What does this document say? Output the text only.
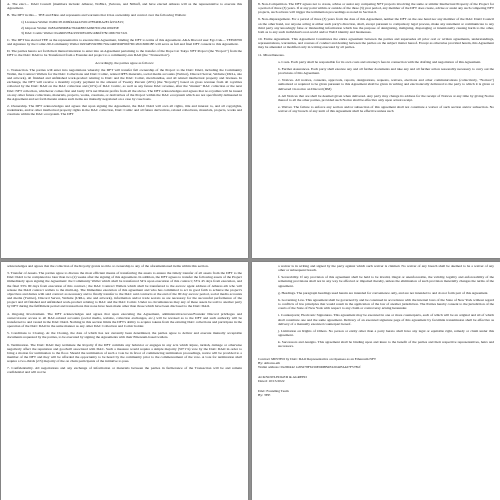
A. The elect… DAO Council (members include: Alharaz, NoBle1, j5alcons, and Nilhaff, and have elected Atharas will as the representative to execute this Agreement.

B. The DFT in this… TEE and Elkio and represents and warrants that it has ownership and control over the following Wallets:

1) Licensee Wallet: 0x9bC051b96f424A2250C47F64D6A2E1fe551815;

2) Ghprost Wallet: 0x83a0369D84c76d44B67A9667DC26210b935E

3) DAC Comic Wallet: 0xa6665784c2593035d05cdd9bf378c100b7917221

C. The DFT has elected TEE as the representative to execute this Agreement, binding the DFT to terms of this Agreement. AKA Discord user Ego Cuk— TEE#6706 and signature by the Comic-90-Community Wallet 0x93a8550c88C79A14465D2F66f7DC2021606C8E will serve as full and final DFT consent to this Agreement.

D. The parties hereto set forth their mutual intention to enter into an Agreement pertaining to the transfer of the Dope Cat Tokyo NFT Project (the "Project") from the DFT to the DAC DAO to be Transferred from a Founder-led project to a community-run DAO (the "Transaction").

Accordingly, the parties agree as follows:

1. Transaction. The parties will enter into negotiations whereby the DFT will transfer full ownership of the Project to the DAC DAO, including the Community Wallet, the Contract Wallets for the DAC Collections and DAC Comic, related IPFS materials, social media accounts (Twitter), Discord Server, Website (URLs, site and artwork), all finished and unfinished work-product relating to DAC and the DAC Comic, merchandise, and all related intellectual property and licenses. In exchange, the DFT will receive a monthly royalty payment in the amount of Twenty Percent (20%) (the "Royalty") based on gross revenue from all royalties collected by the DAC DAO on the DAC collection and (10%) of DAC Comic, as well as any future DAC revenue, after the "mutant" DAC collection or the next DAC NFT collection, whichever comes first and lastly 10% net Mutant profits from all the above. The DFT acknowledges and agrees that no royalties will be issued on any other future collections, materials, projects, works, creations, or derivatives of the Project within the DAC ecosystem which are not specifically delineated in the Agreement and set forth therein unless such items are mutually negotiated on a case by case basis.

2. Ownership. The DFT acknowledges and agrees that upon signing the Agreement, the DAC DAO will own all rights, title and interest to, and all copyrights, trademarks, and/or other intellectual property rights in the DAC collection, DAC Comic and all future derivatives, related collections, materials, projects, works and creations within the DAC ecosystem. The DFT

8. Non-Competition. The DFT agrees not to create, advise or assist any competing NFT projects involving the same or similar Intellectual Property of the Project for a period of three (3) years. If at any point within or outside of the three (3) year period, any member of the DFT does create, advise or assist any such competing NFT projects, such actions will trigger the termination proceedings as noted in Section 6.

9. Non-disparagement. For a period of three (3) years from the date of this Agreement, neither the DFT on the one hand nor any member of the DAC DAO Council on the other hand, nor anyone acting at either such party's direction, shall, except pursuant to compulsory legal process, make any statement or communicate to any third party any knowingly false or misleading information which has the purpose of denigrating, maligning, disparaging or intentionally causing harm to the other, both as to any such individual's real-world and/or Web3 identity and businesses.

10. Entire Agreement. This Agreement Constitutes the entire agreement between the parties and supersedes all prior oral or written agreements, understandings, representations, warranties, and courses of conduct and dealing between the parties on the subject matter hereof. Except as otherwise provided herein, this Agreement may be amended or modified only in writing executed by all parties.

11. Miscellaneous.

a. Costs. Each party shall be responsible for its own costs and attorney's fees in connection with the drafting and negotiation of this Agreement.

b. Further Assurances. Each party shall execute any and all further documents and take any and all further action reasonably necessary to carry out the provisions of this Agreement.

c. Notices. All notices, consents, approvals, reports, designations, requests, waivers, elections and other communications (collectively, "Notices") authorized or required to be given pursuant to this Agreement shall be given in writing and electronically delivered to the party to which it is given or delivered via notice on Discord (DM)

d. All Notices that are shall be deemed given when delivered. Any party may change its address for the receipt of Notices at any time by giving Notice thereof to all the other parties, provided such Notice shall be effective only upon actual receipt.

e. Waiver. The failure to enforce any section and/or subsection of this agreement shall not constitute a waiver of such section and/or subsection. No waiver of any breach of any term of this Agreement shall be effective unless such

acknowledges and agrees that the collection of the Royalty grants no title or ownership to any of the aforementioned items within this section.

3. Transfer of Assets. The parties agree to discuss the most efficient means of transferring the assets to ensure the timely transfer of all assets from the DFT to the DAC DAO to be completed no later than two (2) weeks after the signing of this Agreement. In addition, the DFT agrees to transfer the following assets of the Project immediately upon signing the Agreement: the Community Wallet which shall be transferred 34% upon execution of this contract; 33% 45 days from execution, and the final 33% 90 days from execution of this contract.; the DAC Contract Wallets which shall be transferred to the escrow agent address of Atharas eth who will release the DAO contract wallets to the multi-sig. The Immediate execution of this agreement and who has committed to act in good faith to achieve the project's objectives and duties with said contract as necessary and to finally transfer to the DAC said contracts at the end of the 90 day escrow period, social media accounts and media (Twitter), Discord Server, Website (URLs, site and artwork), information and/or trade secrets as are necessary for the successful performance of the project and all finished and unfinished work-product relating to DAC and the DAC Comic. Under no circumstances may any of these assets be sold to another party by DFT during the fulfillment period and transactions that none have been made other than those which have been disclosed to the DAC DAO.

4. Ongoing Involvement. The DFT acknowledges and agrees that upon executing the Agreement, administrative/access/Founder Discord privileges and owner/creator access to all DAC-related accounts (social media, website, collection exchanges, etc.) will be revoked as to the DFT and such authority will be transferred to and vested in the DAC DAO. Nothing in this section limits the DFT's ability to acquire tokens from the existing DAC collections and participate in the operation of the DAC DAO in the same manner as any other DAC Collection and Comic holder.

5. Conditions to Closing. At the Closing, the date of which has not currently been determined, the parties agree to deliver and execute mutually acceptable documents requested by the parties, to be executed by signing the Agreements with their Ethereum-based wallets.

6. Termination. The DAC DAO may terminate the Royalty if the DFT commits any behavior or engages in any acts which injure, tarnish, damage or otherwise negatively affect the reputation and goodwill associated with DAC. Such a measure would require a simple majority (50+1%) vote by the DAC DAO in order to bring a motion for termination to the floor. Should the termination of such a vote be in favor of commencing termination proceedings, notice will be provided to a member of the DFT and they will be afforded the opportunity to be heard by the community prior to the commencement of the vote. A vote for termination shall require a two-thirds (2/3) majority of the on chain participants of the initiative to pass.

7. Confidentiality. All negotiations and any exchange of information or materials between the parties in furtherance of the Transaction will be and remain confidential and will not be

a waiver is in writing and signed by the party against which such waiver is claimed. No waiver of any breach shall be deemed to be a waiver of any other or subsequent breach.

f. Severability. If any provision of this agreement shall be held to be invalid, illegal or unenforceable, the validity, legality and enforceability of the remaining provisions shall not in any way be affected or impaired thereby, unless the elimination of such provision materially changes the terms of the agreement.

g. Headings. The paragraph headings used herein are intended for convenience only, and are not intended to and do not form part of this Agreement.

h. Governing Law. This agreement shall be governed by and be construed in accordance with the internal laws of the State of New York without regard to conflicts of law principles that would result in the application of the law of another jurisdiction. The Parties hereby consent to the jurisdiction of the courts of the State of New York with respect to any claim or controversy arising hereunder.

i. Counterparts; Electronic Signatures. This agreement may be executed in one or more counterparts, each of which will be an original and all of which shall constitute one and the same agreement. Delivery of an executed signature page of this agreement by facsimile transmission shall be effective as delivery of a manually executed counterpart hereof.

j. Limitation on Rights of Others. No person or entity other than a party hereto shall have any legal or equitable right, remedy or claim under this agreement.

k. Successors and Assigns. This agreement shall be binding upon and inure to the benefit of the parties and their respective representatives, heirs and successors.

Contract MINTED by DAC DAO Representative on Opensea as an Ethereum NFT

By: Atharas.eth

Wallet address: 0x290442 1a83278F6156E6D8B2E22042FA4d7F57Bcf

ACKNOWLEDGED & AGREED

Dated: 10/15/2022

DAC Founding Team

By: TEE
